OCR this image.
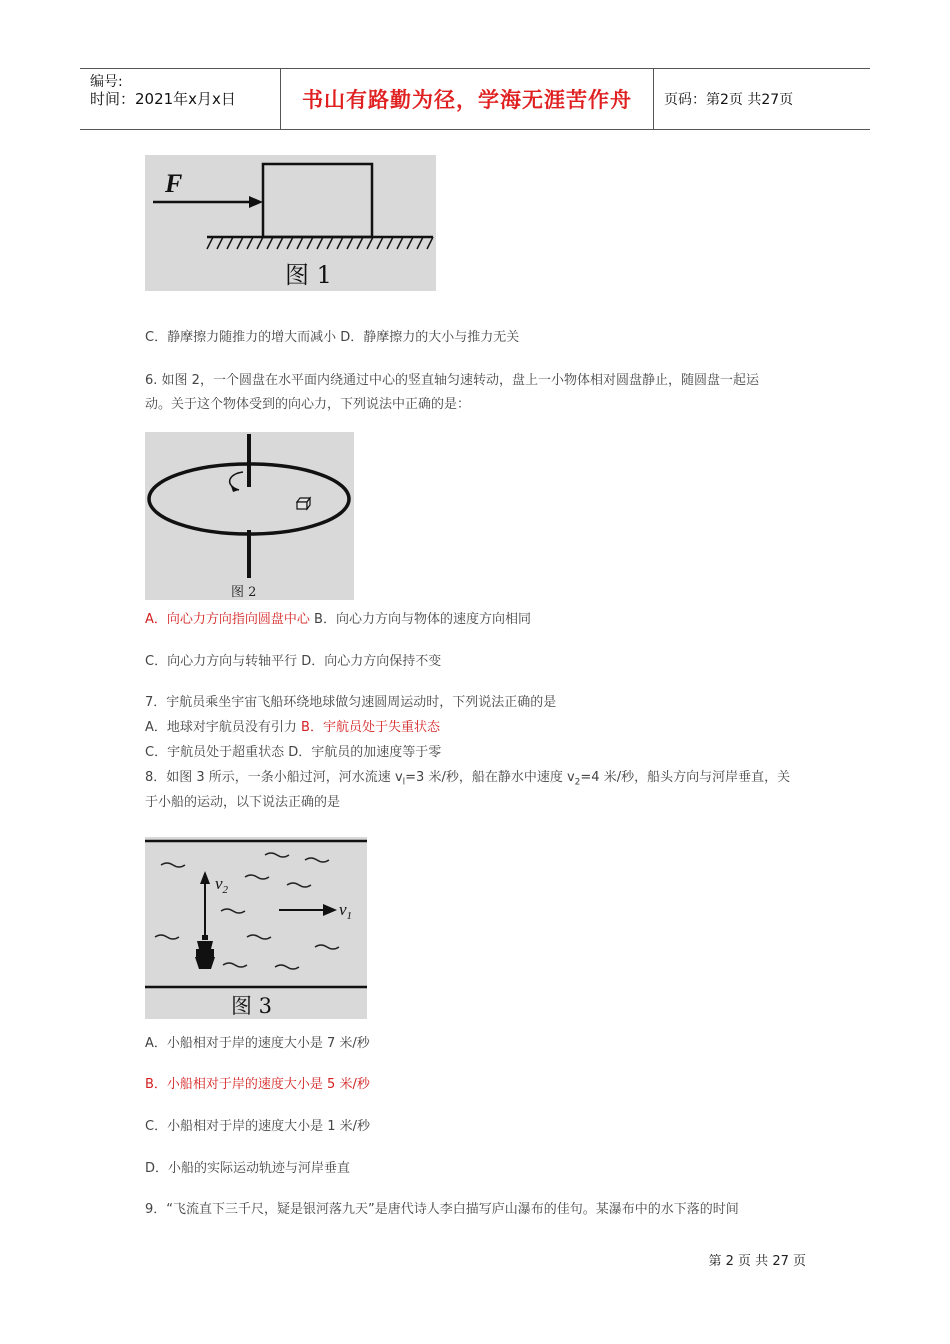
编号:
时间：2021年x月x日	书山有路勤为径，学海无涯苦作舟	页码：第2页 共27页
F
图 1
C．静摩擦力随推力的增大而减小 D．静摩擦力的大小与推力无关
6. 如图 2，一个圆盘在水平面内绕通过中心的竖直轴匀速转动，盘上一小物体相对圆盘静止，随圆盘一起运
动。关于这个物体受到的向心力，下列说法中正确的是：
图 2
A．向心力方向指向圆盘中心 B．向心力方向与物体的速度方向相同
C．向心力方向与转轴平行 D．向心力方向保持不变
7．宇航员乘坐宇宙飞船环绕地球做匀速圆周运动时，下列说法正确的是
A．地球对宇航员没有引力 B．宇航员处于失重状态
C．宇航员处于超重状态 D．宇航员的加速度等于零
8．如图 3 所示，一条小船过河，河水流速 $v_l=3$ 米/秒，船在静水中速度 $v_2=4$ 米/秒，船头方向与河岸垂直，关
于小船的运动，以下说法正确的是
$v_2$
$v_1$
图 3
A．小船相对于岸的速度大小是 7 米/秒
B．小船相对于岸的速度大小是 5 米/秒
C．小船相对于岸的速度大小是 1 米/秒
D．小船的实际运动轨迹与河岸垂直
9．“飞流直下三千尺，疑是银河落九天”是唐代诗人李白描写庐山瀑布的佳句。某瀑布中的水下落的时间
第 2 页 共 27 页
